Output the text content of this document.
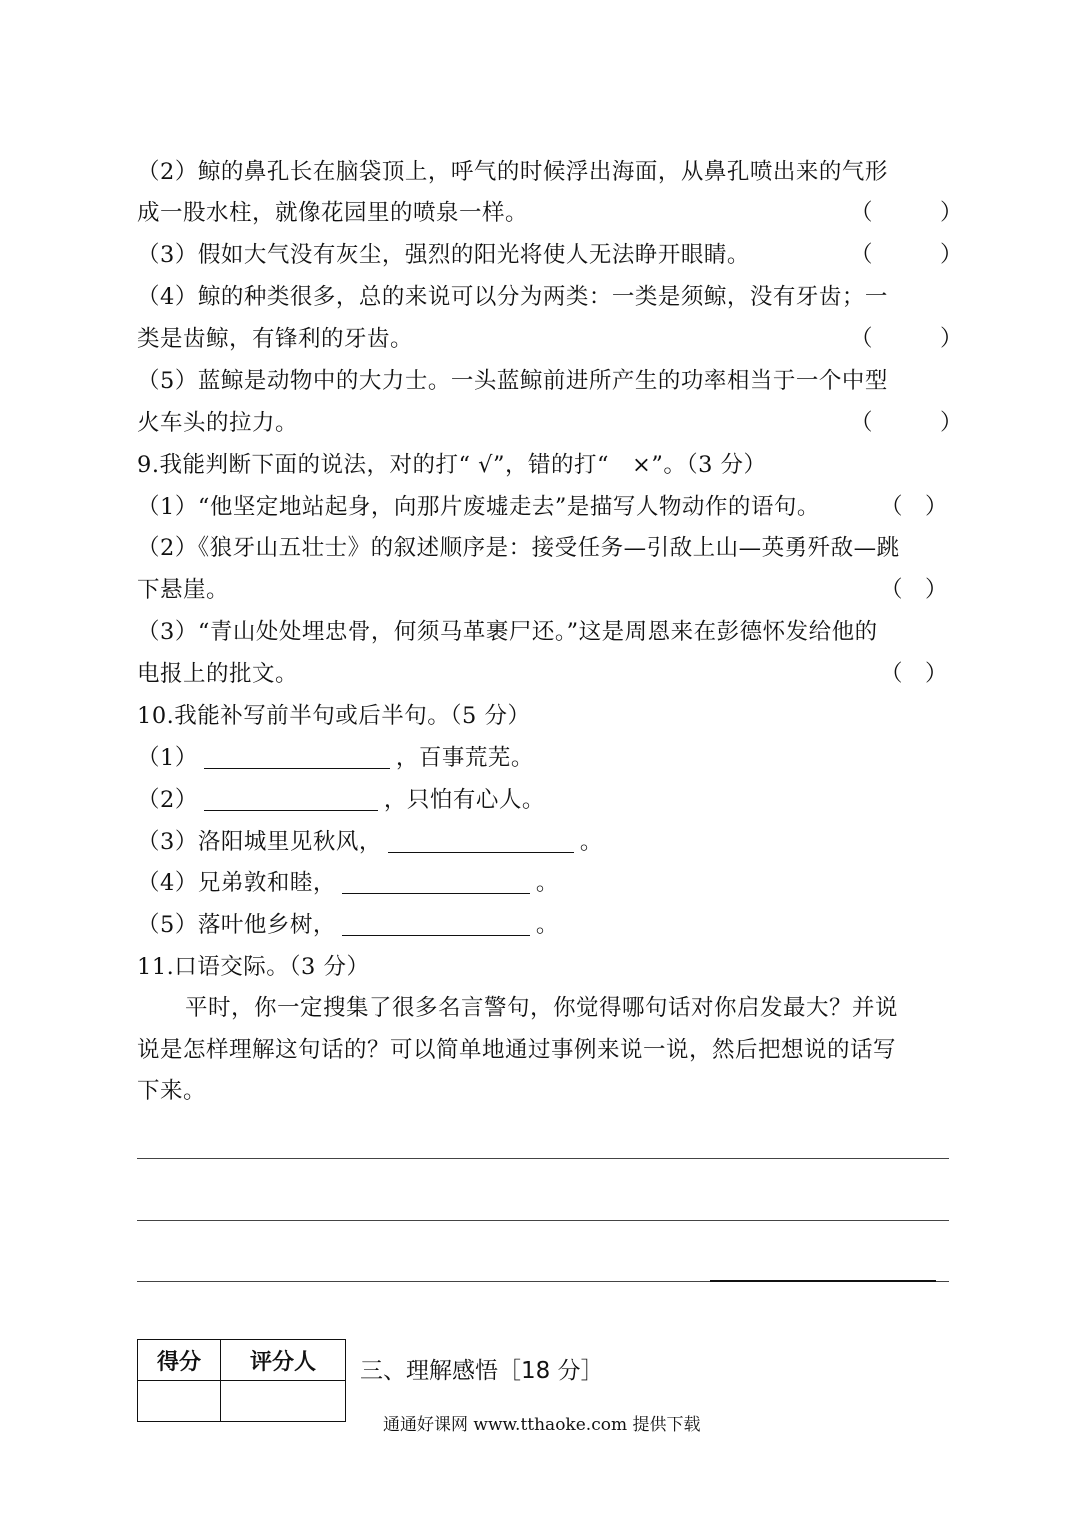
（2）鲸的鼻孔长在脑袋顶上，呼气的时候浮出海面，从鼻孔喷出来的气形
成一股水柱，就像花园里的喷泉一样。	（　　　）
（3）假如大气没有灰尘，强烈的阳光将使人无法睁开眼睛。	（　　　）
（4）鲸的种类很多，总的来说可以分为两类：一类是须鲸，没有牙齿；一
类是齿鲸，有锋利的牙齿。	（　　　）
（5）蓝鲸是动物中的大力士。一头蓝鲸前进所产生的功率相当于一个中型
火车头的拉力。	（　　　）
9.我能判断下面的说法，对的打“ √”，错的打“　×”。（3 分）
（1）“他坚定地站起身，向那片废墟走去”是描写人物动作的语句。	（　）
（2）《狼牙山五壮士》的叙述顺序是：接受任务—引敌上山—英勇歼敌—跳
下悬崖。	（　）
（3）“青山处处埋忠骨，何须马革裹尸还。”这是周恩来在彭德怀发给他的
电报上的批文。	（　）
10.我能补写前半句或后半句。（5 分）
（1）	，百事荒芜。
（2）	，只怕有心人。
（3）洛阳城里见秋风，	。
（4）兄弟敦和睦，	。
（5）落叶他乡树，	。
11.口语交际。（3 分）
平时，你一定搜集了很多名言警句，你觉得哪句话对你启发最大？并说
说是怎样理解这句话的？可以简单地通过事例来说一说，然后把想说的话写
下来。
得分	评分人
	三、理解感悟［18 分］
通通好课网 www.tthaoke.com 提供下载
